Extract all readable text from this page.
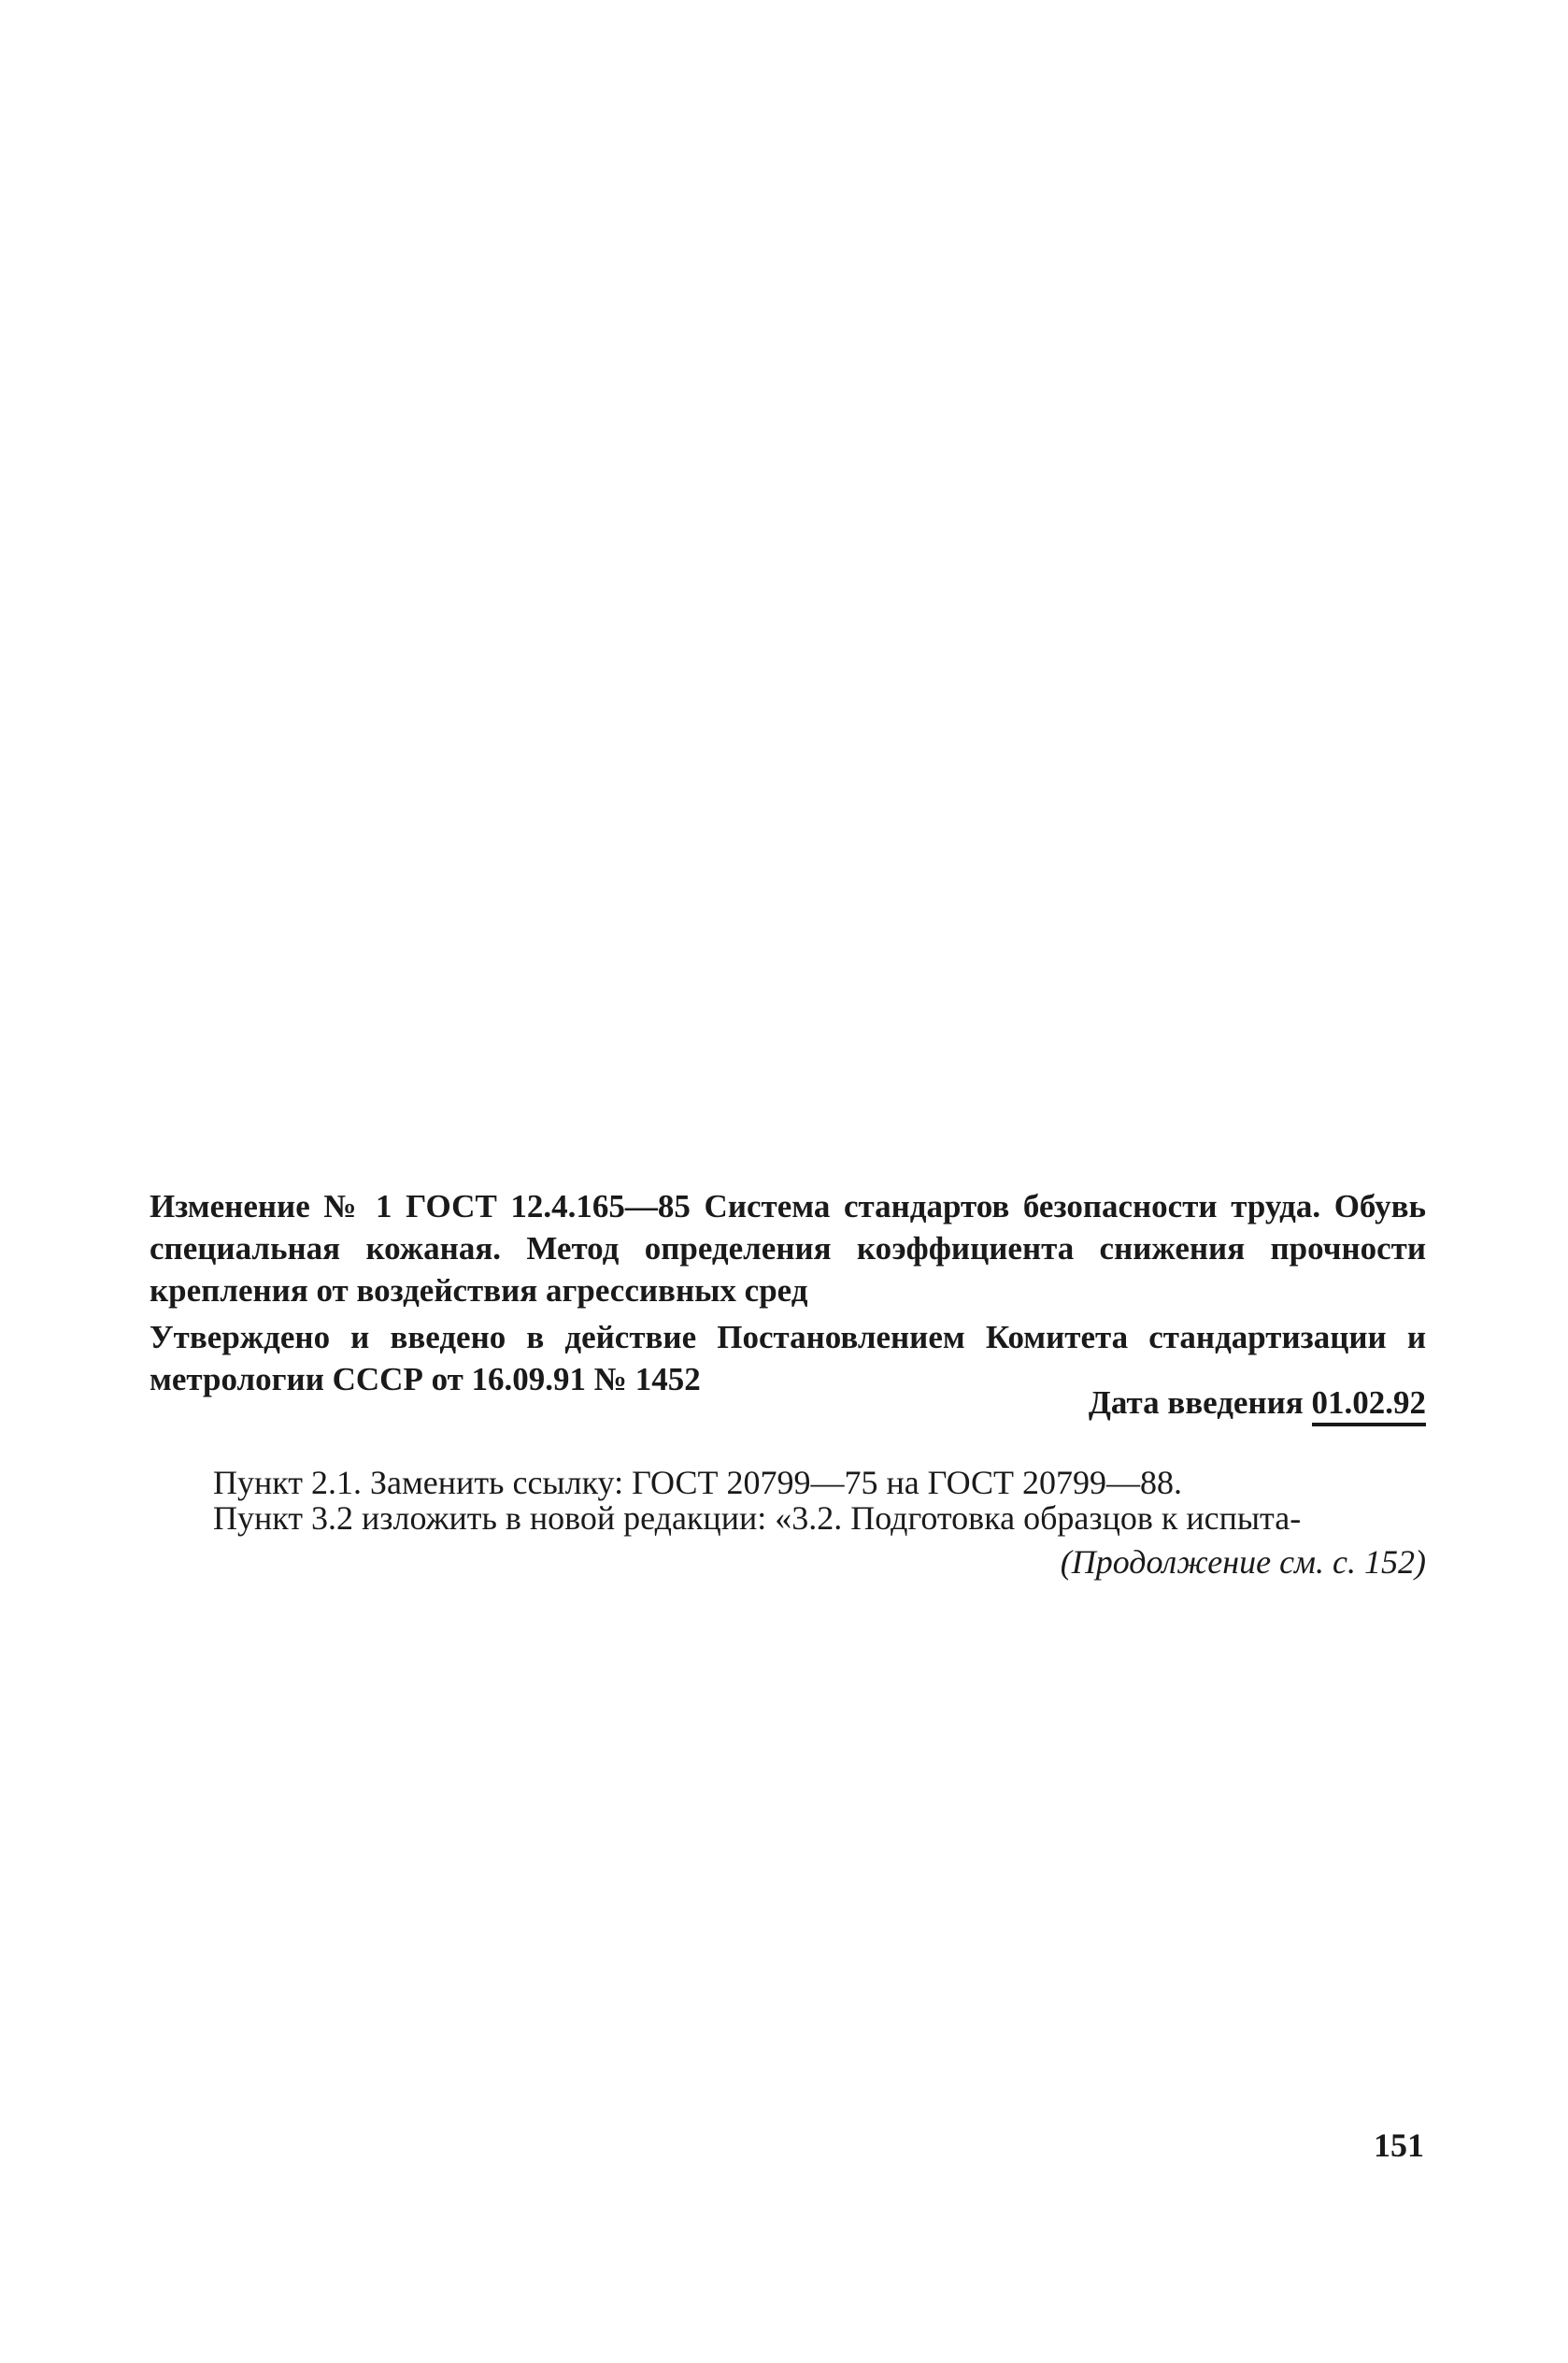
Изменение № 1 ГОСТ 12.4.165—85 Система стандартов безопасности труда. Обувь специальная кожаная. Метод определения коэффициента снижения прочности крепления от воздействия агрессивных сред
Утверждено и введено в действие Постановлением Комитета стандартизации и метрологии СССР от 16.09.91 № 1452
Дата введения 01.02.92
Пункт 2.1. Заменить ссылку: ГОСТ 20799—75 на ГОСТ 20799—88.
Пункт 3.2 изложить в новой редакции: «3.2. Подготовка образцов к испыта-
(Продолжение см. с. 152)
151
